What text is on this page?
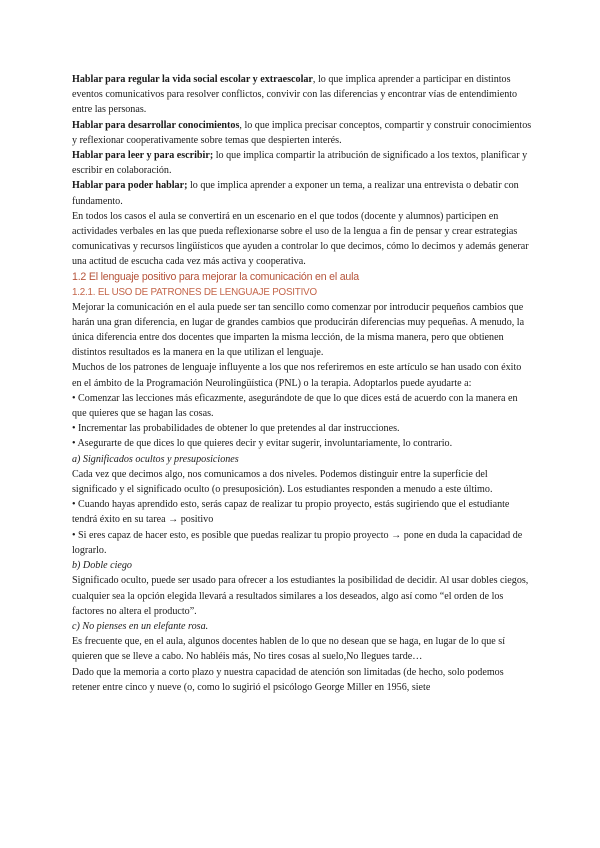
Hablar para regular la vida social escolar y extraescolar, lo que implica aprender a participar en distintos eventos comunicativos para resolver conflictos, convivir con las diferencias y encontrar vías de entendimiento entre las personas.

Hablar para desarrollar conocimientos, lo que implica precisar conceptos, compartir y construir conocimientos y reflexionar cooperativamente sobre temas que despierten interés.

Hablar para leer y para escribir; lo que implica compartir la atribución de significado a los textos, planificar y escribir en colaboración.

Hablar para poder hablar; lo que implica aprender a exponer un tema, a realizar una entrevista o debatir con fundamento.

En todos los casos el aula se convertirá en un escenario en el que todos (docente y alumnos) participen en actividades verbales en las que pueda reflexionarse sobre el uso de la lengua a fin de pensar y crear estrategias comunicativas y recursos lingüísticos que ayuden a controlar lo que decimos, cómo lo decimos y además generar una actitud de escucha cada vez más activa y cooperativa.

1.2 El lenguaje positivo para mejorar la comunicación en el aula

1.2.1. EL USO DE PATRONES DE LENGUAJE POSITIVO

Mejorar la comunicación en el aula puede ser tan sencillo como comenzar por introducir pequeños cambios que harán una gran diferencia, en lugar de grandes cambios que producirán diferencias muy pequeñas. A menudo, la única diferencia entre dos docentes que imparten la misma lección, de la misma manera, pero que obtienen distintos resultados es la manera en la que utilizan el lenguaje.

Muchos de los patrones de lenguaje influyente a los que nos referiremos en este artículo se han usado con éxito en el ámbito de la Programación Neurolingüística (PNL) o la terapia. Adoptarlos puede ayudarte a:

• Comenzar las lecciones más eficazmente, asegurándote de que lo que dices está de acuerdo con la manera en que quieres que se hagan las cosas.

• Incrementar las probabilidades de obtener lo que pretendes al dar instrucciones.

• Asegurarte de que dices lo que quieres decir y evitar sugerir, involuntariamente, lo contrario.

a) Significados ocultos y presuposiciones

Cada vez que decimos algo, nos comunicamos a dos niveles. Podemos distinguir entre la superficie del significado y el significado oculto (o presuposición). Los estudiantes responden a menudo a este último.

• Cuando hayas aprendido esto, serás capaz de realizar tu propio proyecto, estás sugiriendo que el estudiante tendrá éxito en su tarea → positivo

• Si eres capaz de hacer esto, es posible que puedas realizar tu propio proyecto → pone en duda la capacidad de lograrlo.

b) Doble ciego

Significado oculto, puede ser usado para ofrecer a los estudiantes la posibilidad de decidir. Al usar dobles ciegos, cualquier sea la opción elegida llevará a resultados similares a los deseados, algo así como “el orden de los factores no altera el producto”.

c) No pienses en un elefante rosa.

Es frecuente que, en el aula, algunos docentes hablen de lo que no desean que se haga, en lugar de lo que sí quieren que se lleve a cabo. No habléis más, No tires cosas al suelo,No llegues tarde…

Dado que la memoria a corto plazo y nuestra capacidad de atención son limitadas (de hecho, solo podemos retener entre cinco y nueve (o, como lo sugirió el psicólogo George Miller en 1956, siete
